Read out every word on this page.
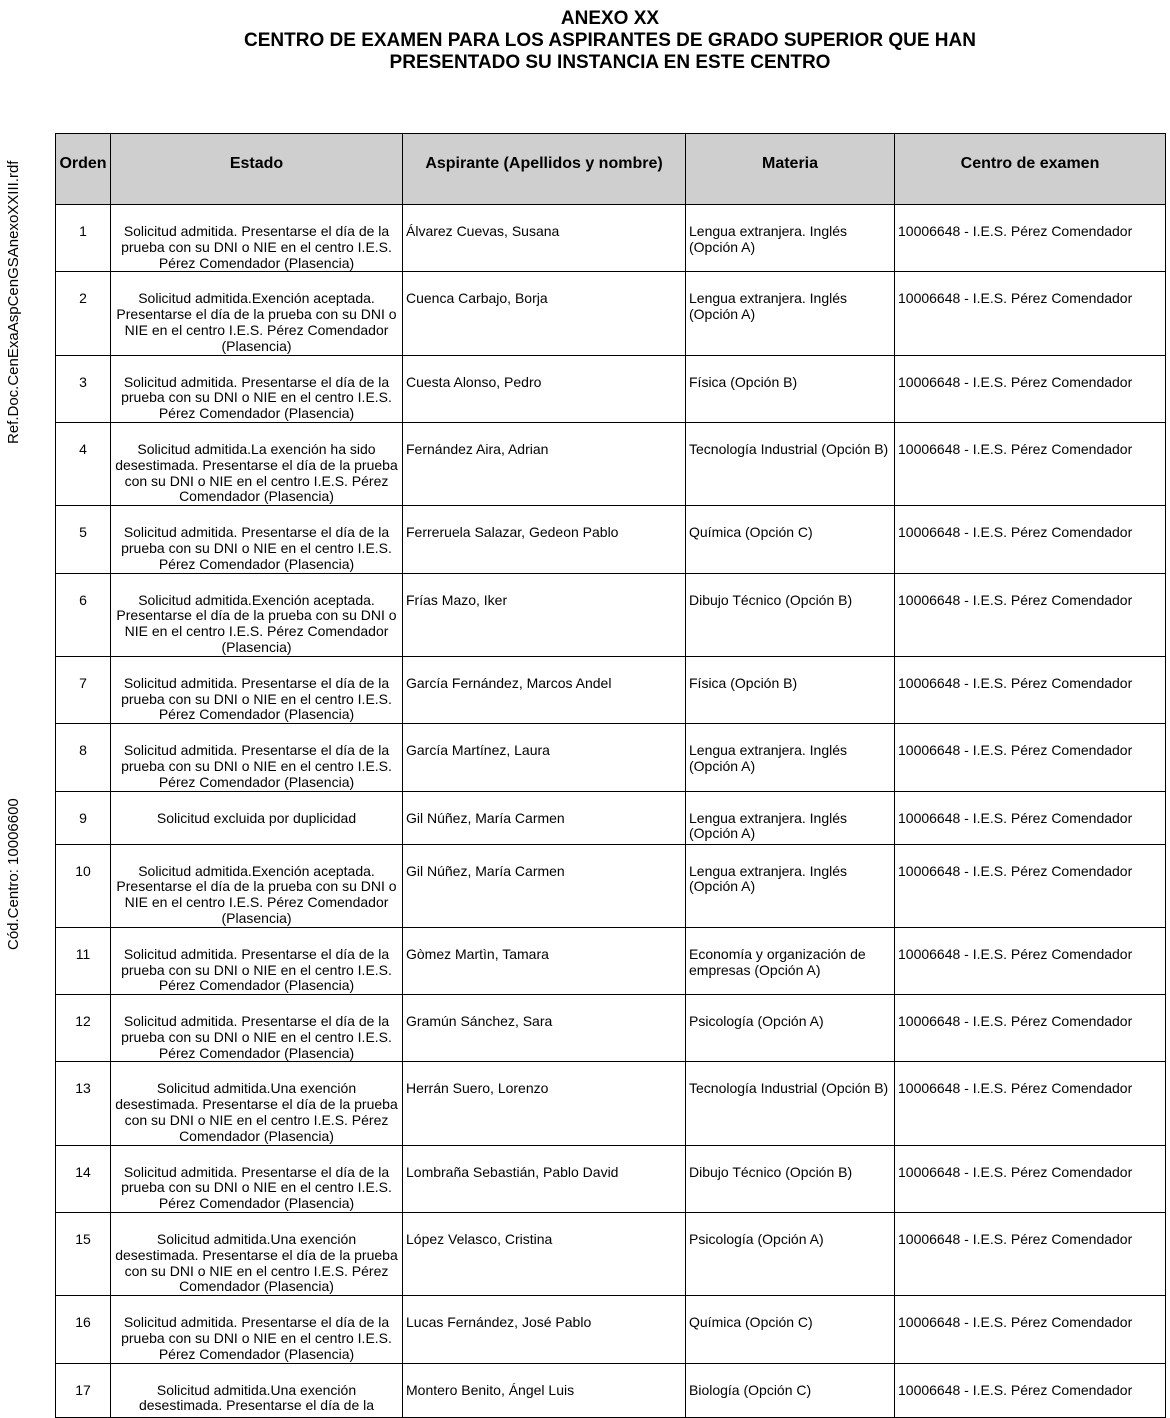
ANEXO XX
CENTRO DE EXAMEN PARA LOS ASPIRANTES DE GRADO SUPERIOR QUE HAN
PRESENTADO SU INSTANCIA EN ESTE CENTRO
Ref.Doc.CenExaAspCenGSAnexoXXIII.rdf
Cód.Centro: 10006600
Orden	Estado	Aspirante (Apellidos y nombre)	Materia	Centro de examen
1	Solicitud admitida. Presentarse el día de la prueba con su DNI o NIE en el centro I.E.S. Pérez Comendador (Plasencia)	Álvarez Cuevas, Susana	Lengua extranjera. Inglés (Opción A)	10006648 - I.E.S. Pérez Comendador
2	Solicitud admitida.Exención aceptada. Presentarse el día de la prueba con su DNI o NIE en el centro I.E.S. Pérez Comendador (Plasencia)	Cuenca Carbajo, Borja	Lengua extranjera. Inglés (Opción A)	10006648 - I.E.S. Pérez Comendador
3	Solicitud admitida. Presentarse el día de la prueba con su DNI o NIE en el centro I.E.S. Pérez Comendador (Plasencia)	Cuesta Alonso, Pedro	Física (Opción B)	10006648 - I.E.S. Pérez Comendador
4	Solicitud admitida.La exención ha sido desestimada. Presentarse el día de la prueba con su DNI o NIE en el centro I.E.S. Pérez Comendador (Plasencia)	Fernández Aira, Adrian	Tecnología Industrial (Opción B)	10006648 - I.E.S. Pérez Comendador
5	Solicitud admitida. Presentarse el día de la prueba con su DNI o NIE en el centro I.E.S. Pérez Comendador (Plasencia)	Ferreruela Salazar, Gedeon Pablo	Química (Opción C)	10006648 - I.E.S. Pérez Comendador
6	Solicitud admitida.Exención aceptada. Presentarse el día de la prueba con su DNI o NIE en el centro I.E.S. Pérez Comendador (Plasencia)	Frías Mazo, Iker	Dibujo Técnico (Opción B)	10006648 - I.E.S. Pérez Comendador
7	Solicitud admitida. Presentarse el día de la prueba con su DNI o NIE en el centro I.E.S. Pérez Comendador (Plasencia)	García Fernández, Marcos Andel	Física (Opción B)	10006648 - I.E.S. Pérez Comendador
8	Solicitud admitida. Presentarse el día de la prueba con su DNI o NIE en el centro I.E.S. Pérez Comendador (Plasencia)	García Martínez, Laura	Lengua extranjera. Inglés (Opción A)	10006648 - I.E.S. Pérez Comendador
9	Solicitud excluida por duplicidad	Gil Núñez, María Carmen	Lengua extranjera. Inglés (Opción A)	10006648 - I.E.S. Pérez Comendador
10	Solicitud admitida.Exención aceptada. Presentarse el día de la prueba con su DNI o NIE en el centro I.E.S. Pérez Comendador (Plasencia)	Gil Núñez, María Carmen	Lengua extranjera. Inglés (Opción A)	10006648 - I.E.S. Pérez Comendador
11	Solicitud admitida. Presentarse el día de la prueba con su DNI o NIE en el centro I.E.S. Pérez Comendador (Plasencia)	Gòmez Martìn, Tamara	Economía y organización de empresas (Opción A)	10006648 - I.E.S. Pérez Comendador
12	Solicitud admitida. Presentarse el día de la prueba con su DNI o NIE en el centro I.E.S. Pérez Comendador (Plasencia)	Gramún Sánchez, Sara	Psicología (Opción A)	10006648 - I.E.S. Pérez Comendador
13	Solicitud admitida.Una exención desestimada. Presentarse el día de la prueba con su DNI o NIE en el centro I.E.S. Pérez Comendador (Plasencia)	Herrán Suero, Lorenzo	Tecnología Industrial (Opción B)	10006648 - I.E.S. Pérez Comendador
14	Solicitud admitida. Presentarse el día de la prueba con su DNI o NIE en el centro I.E.S. Pérez Comendador (Plasencia)	Lombraña Sebastián, Pablo David	Dibujo Técnico (Opción B)	10006648 - I.E.S. Pérez Comendador
15	Solicitud admitida.Una exención desestimada. Presentarse el día de la prueba con su DNI o NIE en el centro I.E.S. Pérez Comendador (Plasencia)	López Velasco, Cristina	Psicología (Opción A)	10006648 - I.E.S. Pérez Comendador
16	Solicitud admitida. Presentarse el día de la prueba con su DNI o NIE en el centro I.E.S. Pérez Comendador (Plasencia)	Lucas Fernández, José Pablo	Química (Opción C)	10006648 - I.E.S. Pérez Comendador
17	Solicitud admitida.Una exención desestimada. Presentarse el día de la	Montero Benito, Ángel Luis	Biología (Opción C)	10006648 - I.E.S. Pérez Comendador
